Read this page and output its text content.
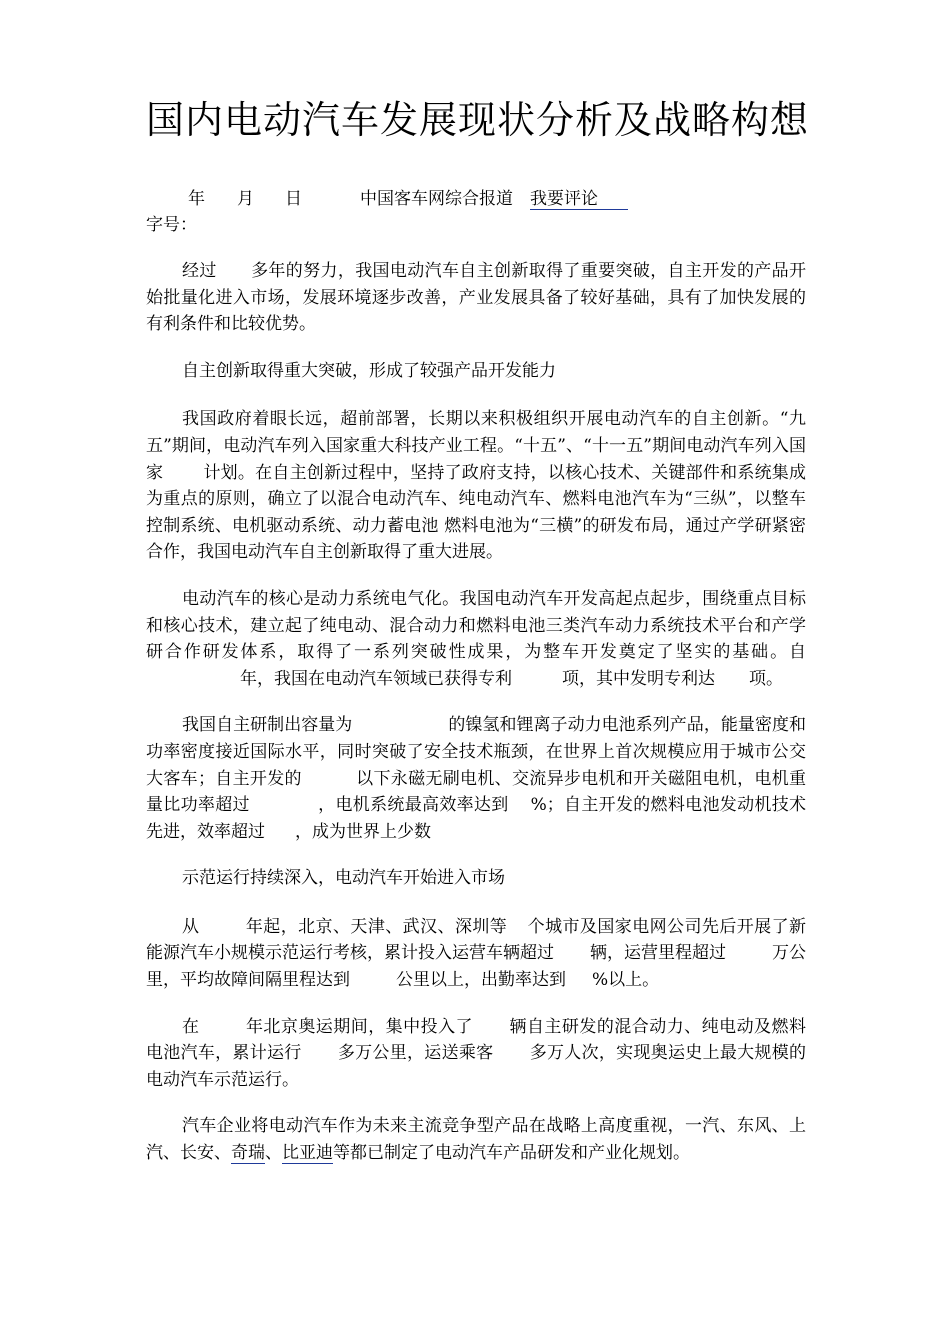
国内电动汽车发展现状分析及战略构想
年 月 日	中国客车网综合报道 我要评论
字号：

经过 多年的努力，我国电动汽车自主创新取得了重要突破，自主开发的产品开始批量化进入市场，发展环境逐步改善，产业发展具备了较好基础，具有了加快发展的有利条件和比较优势。

自主创新取得重大突破，形成了较强产品开发能力

我国政府着眼长远，超前部署，长期以来积极组织开展电动汽车的自主创新。“九五”期间，电动汽车列入国家重大科技产业工程。“十五”、“十一五”期间电动汽车列入国家 计划。在自主创新过程中，坚持了政府支持，以核心技术、关键部件和系统集成为重点的原则，确立了以混合电动汽车、纯电动汽车、燃料电池汽车为“三纵”，以整车控制系统、电机驱动系统、动力蓄电池 燃料电池为“三横”的研发布局，通过产学研紧密合作，我国电动汽车自主创新取得了重大进展。

电动汽车的核心是动力系统电气化。我国电动汽车开发高起点起步，围绕重点目标和核心技术，建立起了纯电动、混合动力和燃料电池三类汽车动力系统技术平台和产学研合作研发体系，取得了一系列突破性成果，为整车开发奠定了坚实的基础。自年，我国在电动汽车领域已获得专利	项，其中发明专利达 项。

我国自主研制出容量为	的镍氢和锂离子动力电池系列产品，能量密度和功率密度接近国际水平，同时突破了安全技术瓶颈，在世界上首次规模应用于城市公交大客车；自主开发的	以下永磁无刷电机、交流异步电机和开关磁阻电机，电机重量比功率超过	，电机系统最高效率达到 %；自主开发的燃料电池发动机技术先进，效率超过 ，成为世界上少数

示范运行持续深入，电动汽车开始进入市场

从	年起，北京、天津、武汉、深圳等 个城市及国家电网公司先后开展了新能源汽车小规模示范运行考核，累计投入运营车辆超过 辆，运营里程超过	万公里，平均故障间隔里程达到	公里以上，出勤率达到 %以上。

在	年北京奥运期间，集中投入了 辆自主研发的混合动力、纯电动及燃料电池汽车，累计运行 多万公里，运送乘客 多万人次，实现奥运史上最大规模的电动汽车示范运行。

汽车企业将电动汽车作为未来主流竞争型产品在战略上高度重视，一汽、东风、上汽、长安、奇瑞、比亚迪等都已制定了电动汽车产品研发和产业化规划。
